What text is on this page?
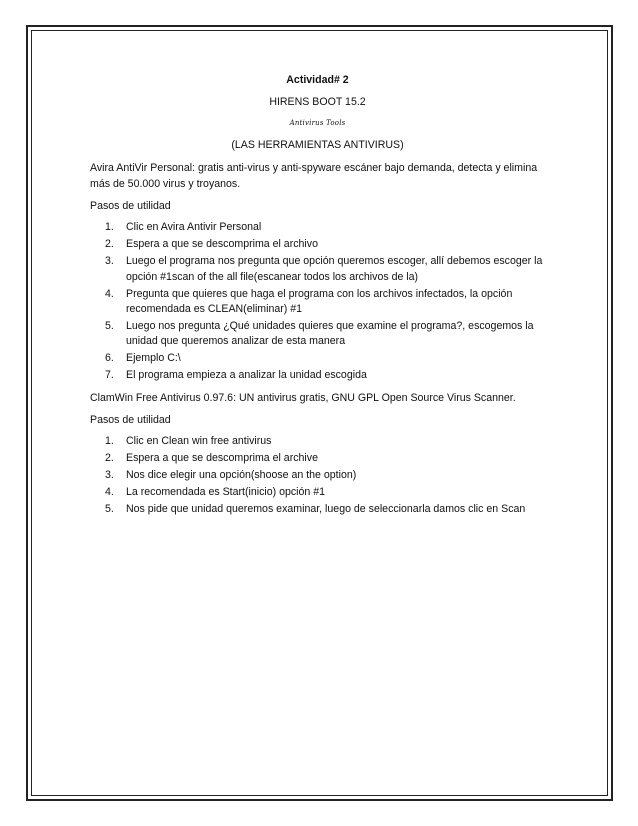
Actividad# 2

HIRENS BOOT 15.2

Antivirus Tools

(LAS HERRAMIENTAS ANTIVIRUS)

Avira AntiVir Personal: gratis anti-virus y anti-spyware escáner bajo demanda, detecta y elimina más de 50.000 virus y troyanos.

Pasos de utilidad

1. Clic en Avira Antivir Personal
2. Espera a que se descomprima el archivo
3. Luego el programa nos pregunta que opción queremos escoger, allí debemos escoger la opción #1scan of the all file(escanear todos los archivos de la)
4. Pregunta que quieres que haga el programa con los archivos infectados, la opción recomendada es CLEAN(eliminar) #1
5. Luego nos pregunta ¿Qué unidades quieres que examine el programa?, escogemos la unidad que queremos analizar de esta manera
6. Ejemplo C:\
7. El programa empieza a analizar la unidad escogida

ClamWin Free Antivirus 0.97.6: UN antivirus gratis, GNU GPL Open Source Virus Scanner.

Pasos de utilidad

1. Clic en Clean win free antivirus
2. Espera a que se descomprima el archive
3. Nos dice elegir una opción(shoose an the option)
4. La recomendada es Start(inicio) opción #1
5. Nos pide que unidad queremos examinar, luego de seleccionarla damos clic en Scan
